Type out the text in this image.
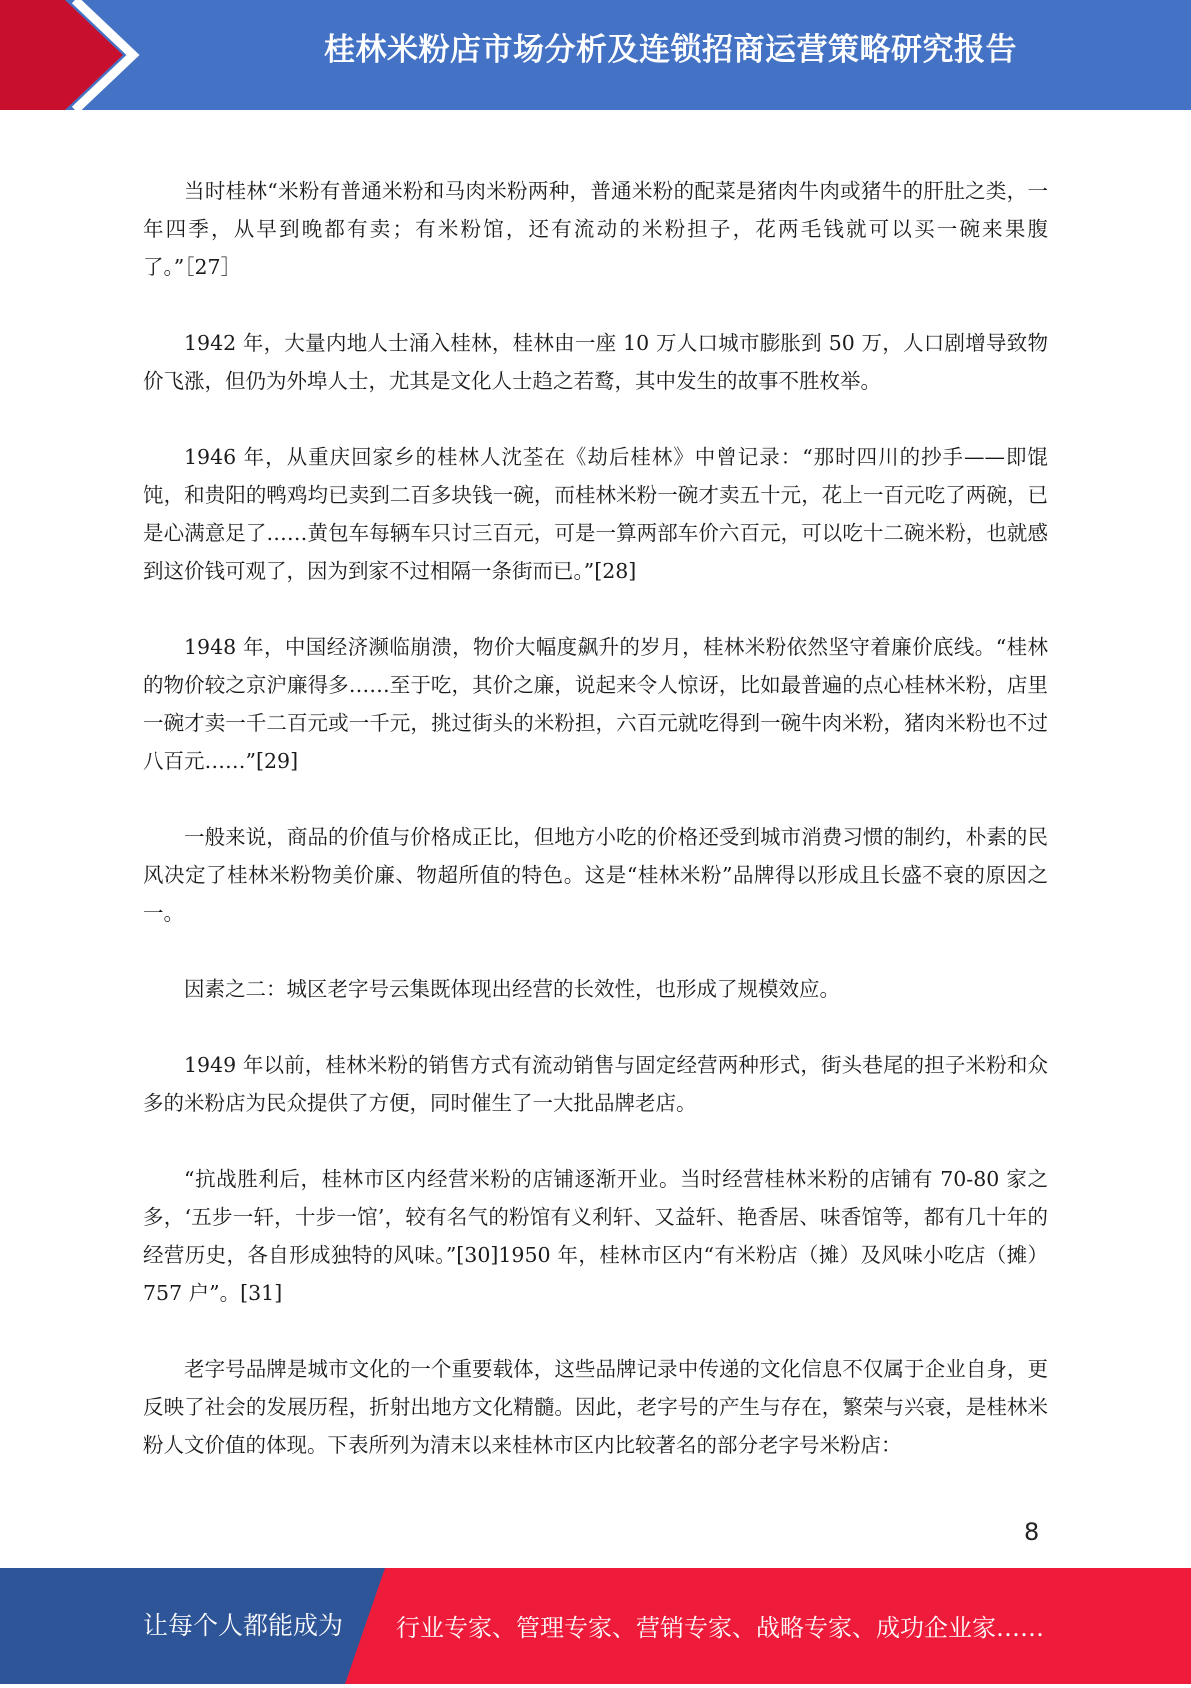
桂林米粉店市场分析及连锁招商运营策略研究报告

当时桂林“米粉有普通米粉和马肉米粉两种，普通米粉的配菜是猪肉牛肉或猪牛的肝肚之类，一年四季，从早到晚都有卖；有米粉馆，还有流动的米粉担子，花两毛钱就可以买一碗来果腹了。”［27］

1942 年，大量内地人士涌入桂林，桂林由一座 10 万人口城市膨胀到 50 万，人口剧增导致物价飞涨，但仍为外埠人士，尤其是文化人士趋之若鹜，其中发生的故事不胜枚举。

1946 年，从重庆回家乡的桂林人沈荃在《劫后桂林》中曾记录：“那时四川的抄手——即馄饨，和贵阳的鸭鸡均已卖到二百多块钱一碗，而桂林米粉一碗才卖五十元，花上一百元吃了两碗，已是心满意足了……黄包车每辆车只讨三百元，可是一算两部车价六百元，可以吃十二碗米粉，也就感到这价钱可观了，因为到家不过相隔一条街而已。”[28]

1948 年，中国经济濒临崩溃，物价大幅度飙升的岁月，桂林米粉依然坚守着廉价底线。“桂林的物价较之京沪廉得多……至于吃，其价之廉，说起来令人惊讶，比如最普遍的点心桂林米粉，店里一碗才卖一千二百元或一千元，挑过街头的米粉担，六百元就吃得到一碗牛肉米粉，猪肉米粉也不过八百元……”[29]

一般来说，商品的价值与价格成正比，但地方小吃的价格还受到城市消费习惯的制约，朴素的民风决定了桂林米粉物美价廉、物超所值的特色。这是“桂林米粉”品牌得以形成且长盛不衰的原因之一。

因素之二：城区老字号云集既体现出经营的长效性，也形成了规模效应。

1949 年以前，桂林米粉的销售方式有流动销售与固定经营两种形式，街头巷尾的担子米粉和众多的米粉店为民众提供了方便，同时催生了一大批品牌老店。

“抗战胜利后，桂林市区内经营米粉的店铺逐渐开业。当时经营桂林米粉的店铺有 70-80 家之多，‘五步一轩，十步一馆’，较有名气的粉馆有义利轩、又益轩、艳香居、味香馆等，都有几十年的经营历史，各自形成独特的风味。”[30]1950 年，桂林市区内“有米粉店（摊）及风味小吃店（摊）757 户”。[31]

老字号品牌是城市文化的一个重要载体，这些品牌记录中传递的文化信息不仅属于企业自身，更反映了社会的发展历程，折射出地方文化精髓。因此，老字号的产生与存在，繁荣与兴衰，是桂林米粉人文价值的体现。下表所列为清末以来桂林市区内比较著名的部分老字号米粉店：

8
让每个人都能成为 行业专家、管理专家、营销专家、战略专家、成功企业家……
